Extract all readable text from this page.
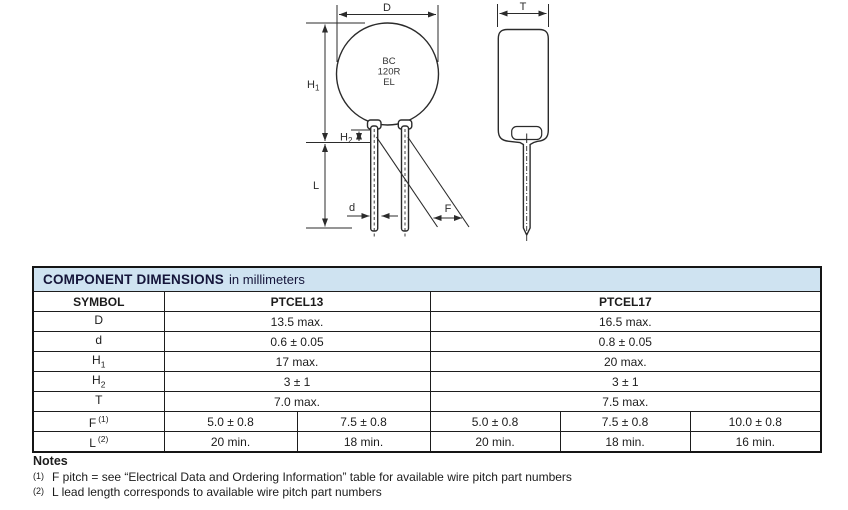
D	T
$H_1$
$H_2$
L
d	F
BC
120R
EL
COMPONENT DIMENSIONS in millimeters					
SYMBOL	PTCEL13		PTCEL17		
D	13.5 max.		16.5 max.		
d	0.6 ± 0.05		0.8 ± 0.05		
$H_1$	17 max.		20 max.		
$H_2$	3 ± 1		3 ± 1		
T	7.0 max.		7.5 max.		
F $^{(1)}$	5.0 ± 0.8	7.5 ± 0.8	5.0 ± 0.8	7.5 ± 0.8	10.0 ± 0.8
L $^{(2)}$	20 min.	18 min.	20 min.	18 min.	16 min.
Notes
(1) F pitch = see “Electrical Data and Ordering Information” table for available wire pitch part numbers
(2) L lead length corresponds to available wire pitch part numbers
